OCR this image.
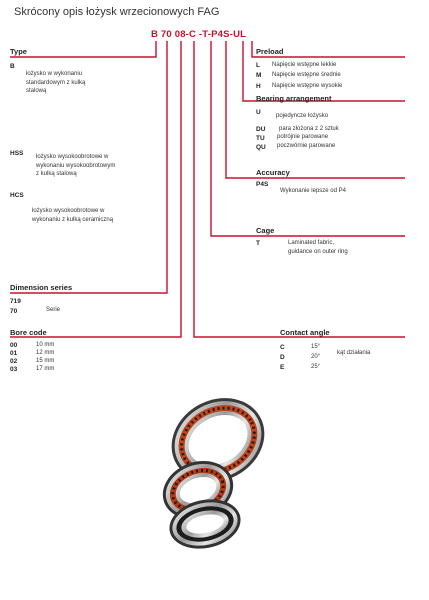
Skrócony opis łożysk wrzecionowych FAG
B 70 08-C -T-P4S-UL
Type
B
łożysko w wykonaniu
standardowym z kulką
stalową
HSS łożysko wysokoobrotowe w
wykonaniu wysokoobrotowym
z kulką stalową
HCS
łożysko wysokoobrotowe w
wykonaniu z kulką ceramiczną
Dimension series
719
70	Serie
Bore code
00	10 mm
01	12 mm
02	15 mm
03	17 mm
Preload
L Napięcie wstępne lekkie
M Napięcie wstępne średnie
H Napięcie wstępne wysokie
Bearing arrangement
U	pojedyncze łożysko
DU para złożona z 2 sztuk
TU potrójnie parowane
QU poczwórnie parowane
Accuracy
P4S
Wykonanie lepsze od P4
Cage
T	Laminated fabric,
guidance on outer ring
Contact angle
C	15°
D	20°
E	25°
kąt działania
